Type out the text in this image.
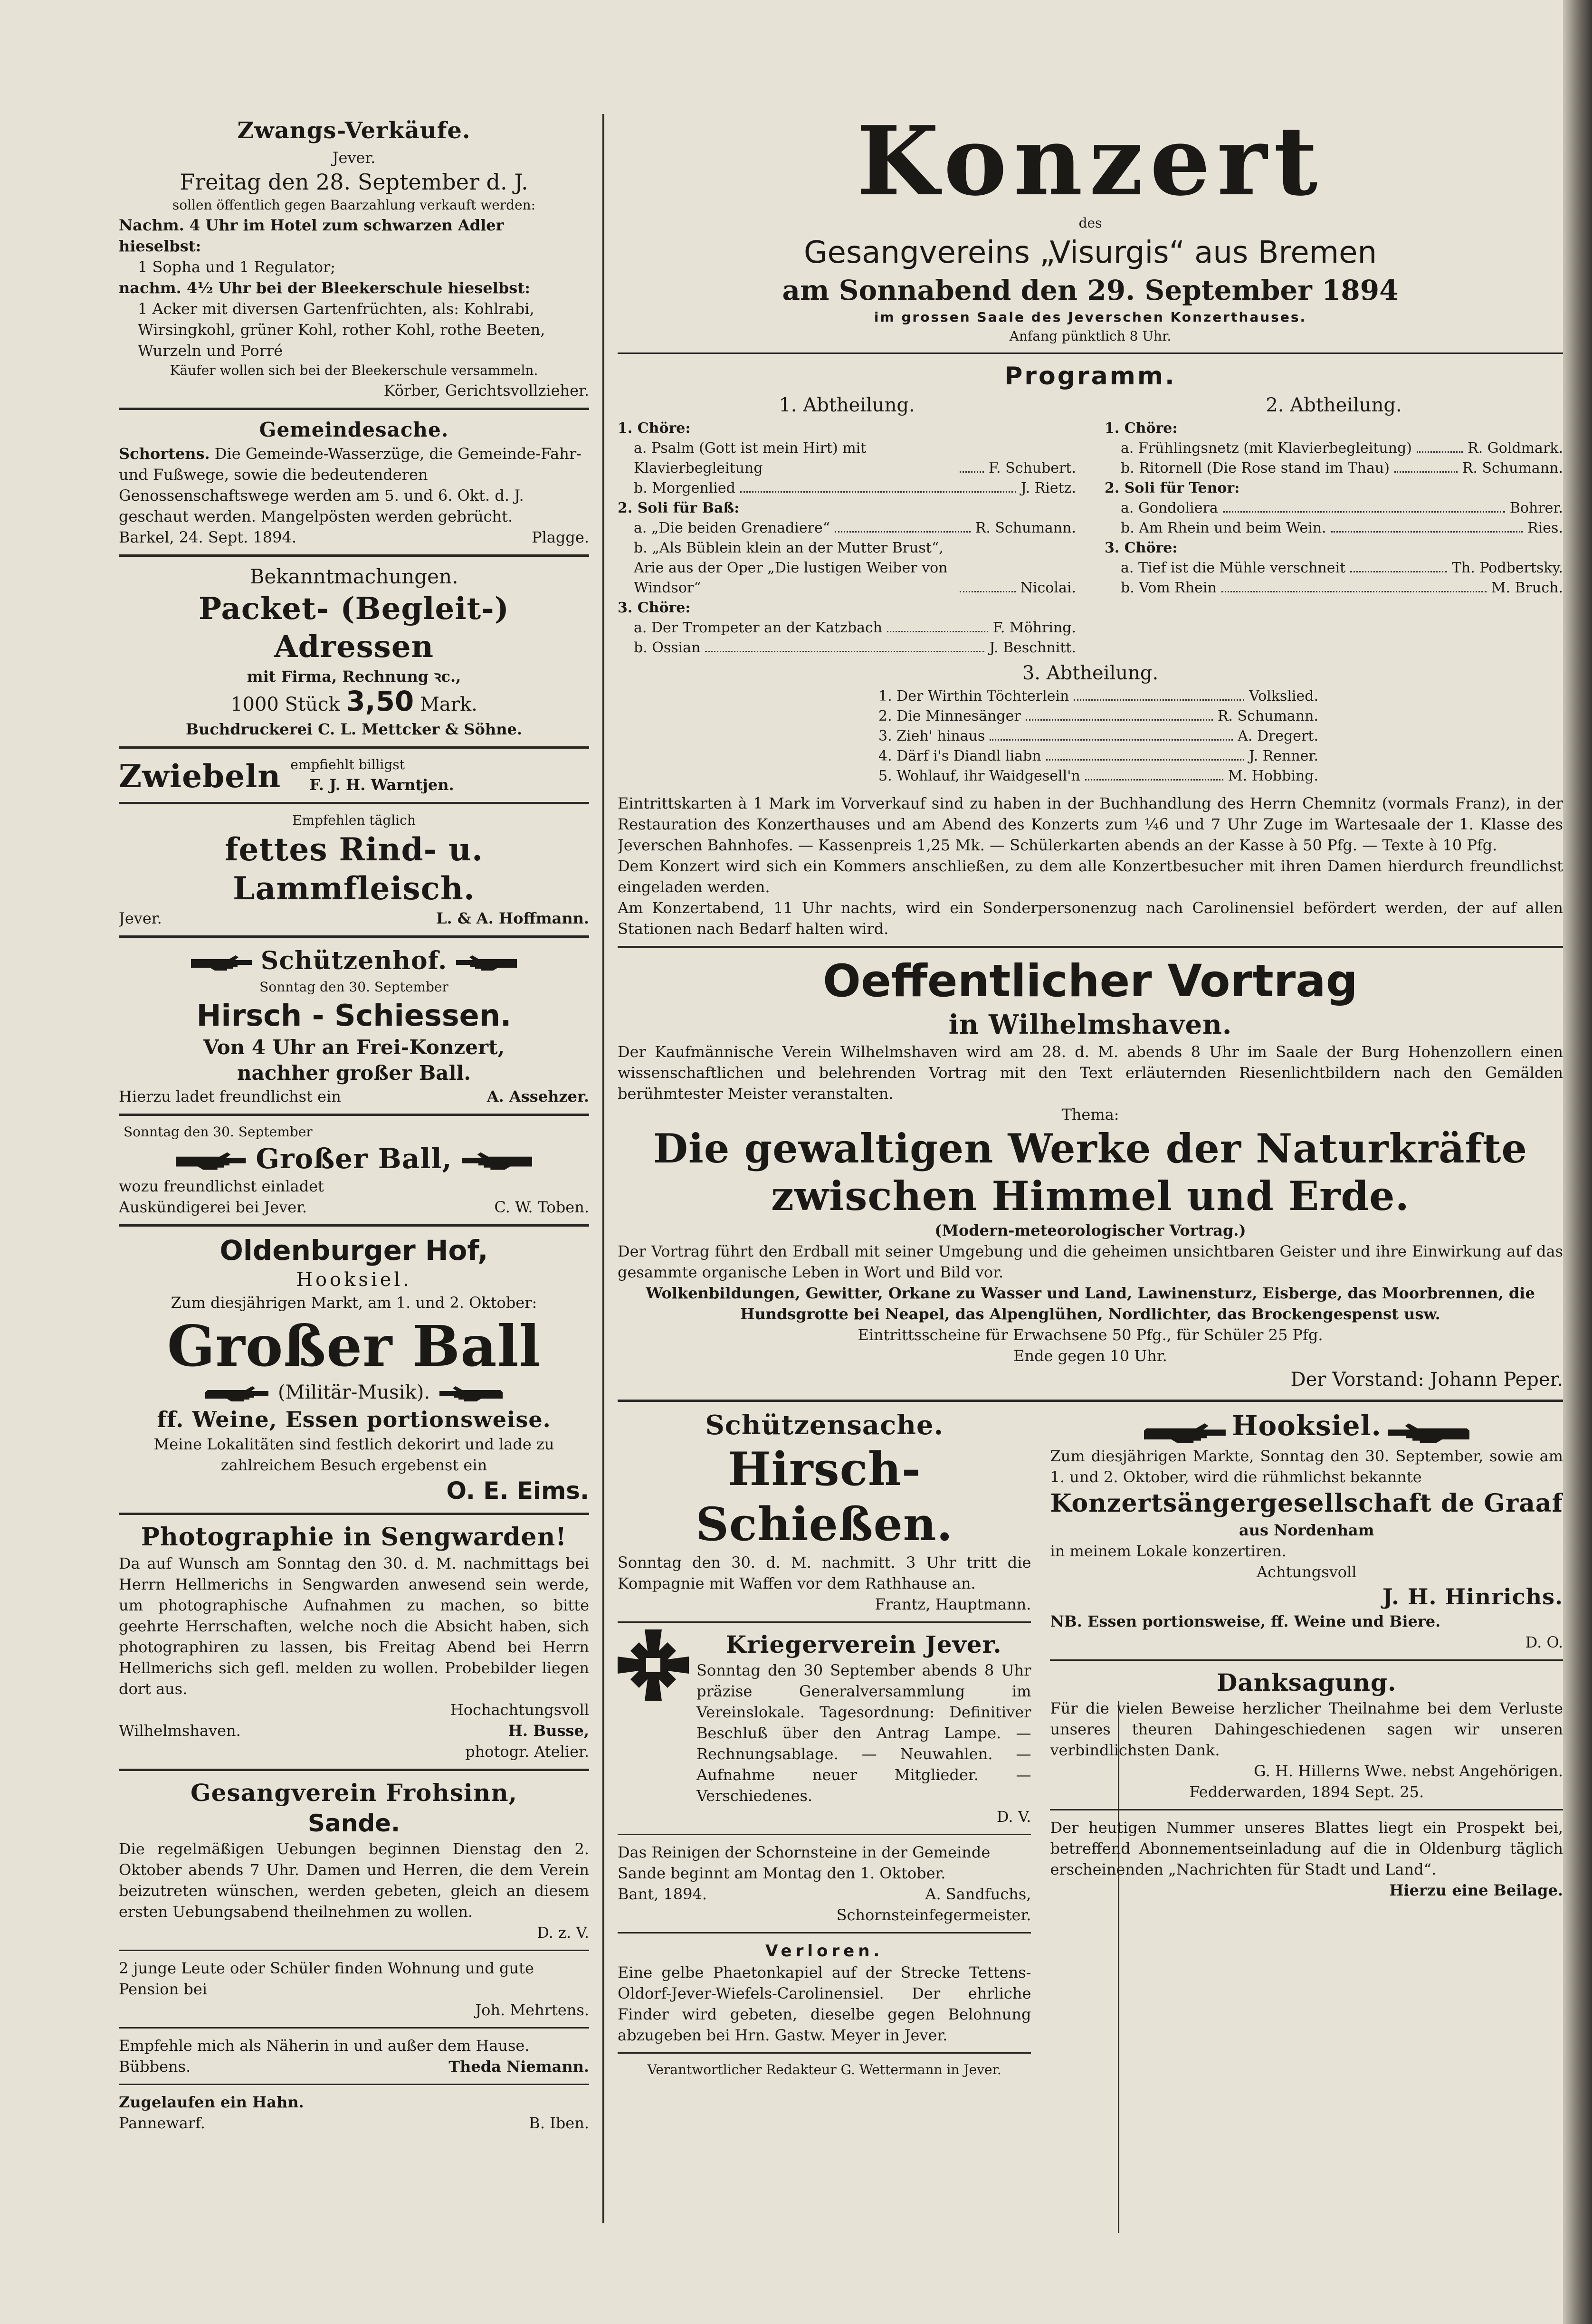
Zwangs-Verkäufe.

Jever.

Freitag den 28. September d. J.

sollen öffentlich gegen Baarzahlung verkauft werden:

Nachm. 4 Uhr im Hotel zum schwarzen Adler hieselbst:

1 Sopha und 1 Regulator;

nachm. 4½ Uhr bei der Bleekerschule hieselbst:

1 Acker mit diversen Gartenfrüchten, als: Kohlrabi, Wirsingkohl, grüner Kohl, rother Kohl, rothe Beeten, Wurzeln und Porré

Käufer wollen sich bei der Bleekerschule versammeln.

Körber, Gerichtsvollzieher.

Gemeindesache.

Schortens. Die Gemeinde-Wasserzüge, die Gemeinde-Fahr- und Fußwege, sowie die bedeutenderen Genossenschaftswege werden am 5. und 6. Okt. d. J. geschaut werden. Mangelpösten werden gebrücht.

Barkel, 24. Sept. 1894.	Plagge.

Bekanntmachungen.

Packet- (Begleit-) Adressen

mit Firma, Rechnung ꝛc.,

1000 Stück 3,50 Mark.

Buchdruckerei C. L. Mettcker & Söhne.

Zwiebeln empfiehlt billigst

F. J. H. Warntjen.

Empfehlen täglich

fettes Rind- u. Lammfleisch.

Jever.	L. & A. Hoffmann.
Schützenhof.

Sonntag den 30. September

Hirsch - Schiessen.

Von 4 Uhr an Frei-Konzert,

nachher großer Ball.

Hierzu ladet freundlichst ein	A. Assehzer.

Sonntag den 30. September

Großer Ball,

wozu freundlichst einladet

Auskündigerei bei Jever.	C. W. Toben.

Oldenburger Hof,

Hooksiel.

Zum diesjährigen Markt, am 1. und 2. Oktober:

Großer Ball

(Militär-Musik).

ff. Weine, Essen portionsweise.

Meine Lokalitäten sind festlich dekorirt und lade zu zahlreichem Besuch ergebenst ein

O. E. Eims.

Photographie in Sengwarden!

Da auf Wunsch am Sonntag den 30. d. M. nachmittags bei Herrn Hellmerichs in Sengwarden anwesend sein werde, um photographische Aufnahmen zu machen, so bitte geehrte Herrschaften, welche noch die Absicht haben, sich photographiren zu lassen, bis Freitag Abend bei Herrn Hellmerichs sich gefl. melden zu wollen. Probebilder liegen dort aus.

Hochachtungsvoll

Wilhelmshaven.	H. Busse,

photogr. Atelier.

Gesangverein Frohsinn,

Sande.

Die regelmäßigen Uebungen beginnen Dienstag den 2. Oktober abends 7 Uhr. Damen und Herren, die dem Verein beizutreten wünschen, werden gebeten, gleich an diesem ersten Uebungsabend theilnehmen zu wollen.

D. z. V.

2 junge Leute oder Schüler finden Wohnung und gute Pension bei

Joh. Mehrtens.

Empfehle mich als Näherin in und außer dem Hause.

Bübbens.	Theda Niemann.

Zugelaufen ein Hahn.

Pannewarf.	B. Iben.

Konzert

des

Gesangvereins „Visurgis“ aus Bremen

am Sonnabend den 29. September 1894

im grossen Saale des Jeverschen Konzerthauses.

Anfang pünktlich 8 Uhr.

Programm.

1. Abtheilung.

1. Chöre:
a. Psalm (Gott ist mein Hirt) mit Klavierbegleitung	F. Schubert.
b. Morgenlied	J. Rietz.
2. Soli für Baß:
a. „Die beiden Grenadiere“	R. Schumann.
b. „Als Büblein klein an der Mutter Brust“, Arie aus der Oper „Die lustigen Weiber von Windsor“	Nicolai.
3. Chöre:
a. Der Trompeter an der Katzbach	F. Möhring.
b. Ossian	J. Beschnitt.

2. Abtheilung.

1. Chöre:
a. Frühlingsnetz (mit Klavierbegleitung)	R. Goldmark.
b. Ritornell (Die Rose stand im Thau)	R. Schumann.
2. Soli für Tenor:
a. Gondoliera	Bohrer.
b. Am Rhein und beim Wein.	Ries.
3. Chöre:
a. Tief ist die Mühle verschneit	Th. Podbertsky.
b. Vom Rhein	M. Bruch.

3. Abtheilung.

1. Der Wirthin Töchterlein	Volkslied.
2. Die Minnesänger	R. Schumann.
3. Zieh' hinaus	A. Dregert.
4. Därf i's Diandl liabn	J. Renner.
5. Wohlauf, ihr Waidgesell'n	M. Hobbing.

Eintrittskarten à 1 Mark im Vorverkauf sind zu haben in der Buchhandlung des Herrn Chemnitz (vormals Franz), in der Restauration des Konzerthauses und am Abend des Konzerts zum ¼6 und 7 Uhr Zuge im Wartesaale der 1. Klasse des Jeverschen Bahnhofes. — Kassenpreis 1,25 Mk. — Schülerkarten abends an der Kasse à 50 Pfg. — Texte à 10 Pfg.

Dem Konzert wird sich ein Kommers anschließen, zu dem alle Konzertbesucher mit ihren Damen hierdurch freundlichst eingeladen werden.

Am Konzertabend, 11 Uhr nachts, wird ein Sonderpersonenzug nach Carolinensiel befördert werden, der auf allen Stationen nach Bedarf halten wird.

Oeffentlicher Vortrag

in Wilhelmshaven.

Der Kaufmännische Verein Wilhelmshaven wird am 28. d. M. abends 8 Uhr im Saale der Burg Hohenzollern einen wissenschaftlichen und belehrenden Vortrag mit den Text erläuternden Riesenlichtbildern nach den Gemälden berühmtester Meister veranstalten.

Thema:

Die gewaltigen Werke der Naturkräfte

zwischen Himmel und Erde.

(Modern-meteorologischer Vortrag.)

Der Vortrag führt den Erdball mit seiner Umgebung und die geheimen unsichtbaren Geister und ihre Einwirkung auf das gesammte organische Leben in Wort und Bild vor.

Wolkenbildungen, Gewitter, Orkane zu Wasser und Land, Lawinensturz, Eisberge, das Moorbrennen, die Hundsgrotte bei Neapel, das Alpenglühen, Nordlichter, das Brockengespenst usw.

Eintrittsscheine für Erwachsene 50 Pfg., für Schüler 25 Pfg.

Ende gegen 10 Uhr.

Der Vorstand: Johann Peper.

Schützensache.

Hirsch-Schießen.

Sonntag den 30. d. M. nachmitt. 3 Uhr tritt die Kompagnie mit Waffen vor dem Rathhause an.

Frantz, Hauptmann.

Kriegerverein Jever.

Sonntag den 30 September abends 8 Uhr präzise Generalversammlung im Vereinslokale. Tagesordnung: Definitiver Beschluß über den Antrag Lampe. — Rechnungsablage. — Neuwahlen. — Aufnahme neuer Mitglieder. — Verschiedenes.

D. V.

Das Reinigen der Schornsteine in der Gemeinde Sande beginnt am Montag den 1. Oktober.

Bant, 1894.	A. Sandfuchs,

Schornsteinfegermeister.

Verloren.

Eine gelbe Phaetonkapiel auf der Strecke Tettens-Oldorf-Jever-Wiefels-Carolinensiel. Der ehrliche Finder wird gebeten, dieselbe gegen Belohnung abzugeben bei Hrn. Gastw. Meyer in Jever.

Verantwortlicher Redakteur G. Wettermann in Jever.

Hooksiel.

Zum diesjährigen Markte, Sonntag den 30. September, sowie am 1. und 2. Oktober, wird die rühmlichst bekannte

Konzertsängergesellschaft de Graaf

aus Nordenham

in meinem Lokale konzertiren.

Achtungsvoll

J. H. Hinrichs.

NB. Essen portionsweise, ff. Weine und Biere.

D. O.

Danksagung.

Für die vielen Beweise herzlicher Theilnahme bei dem Verluste unseres theuren Dahingeschiedenen sagen wir unseren verbindlichsten Dank.

G. H. Hillerns Wwe. nebst Angehörigen.

Fedderwarden, 1894 Sept. 25.

Der heutigen Nummer unseres Blattes liegt ein Prospekt bei, betreffend Abonnementseinladung auf die in Oldenburg täglich erscheinenden „Nachrichten für Stadt und Land“.

Hierzu eine Beilage.
